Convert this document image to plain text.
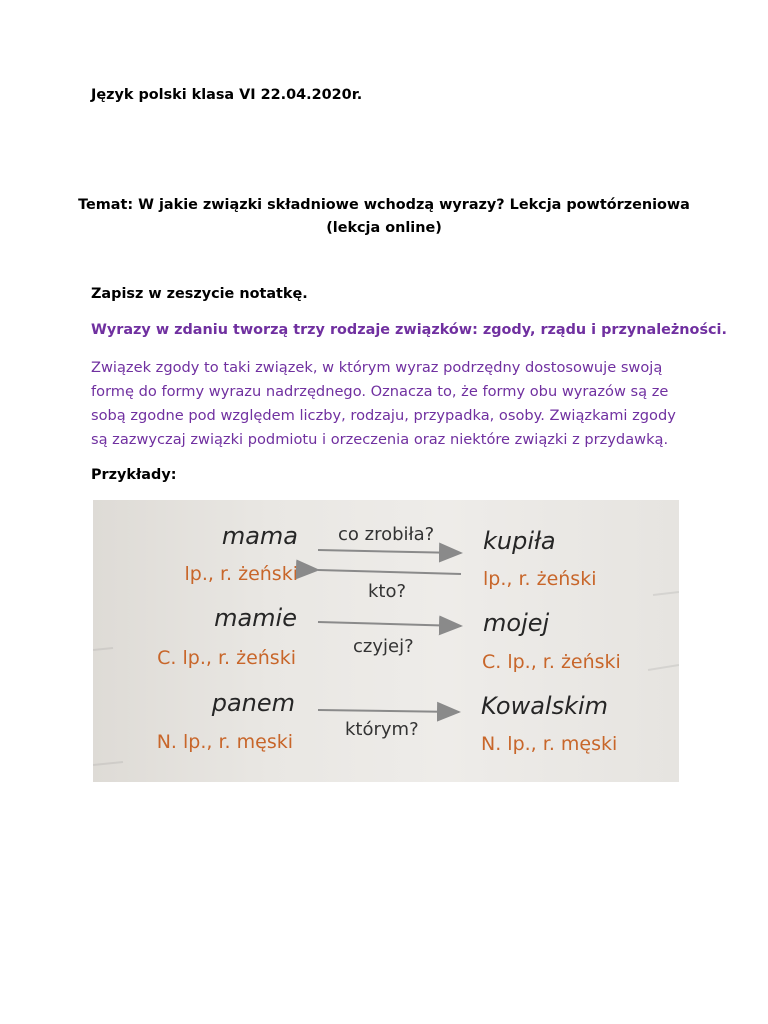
Język polski klasa VI 22.04.2020r.
Temat: W jakie związki składniowe wchodzą wyrazy? Lekcja powtórzeniowa
(lekcja online)
Zapisz w zeszycie notatkę.
Wyrazy w zdaniu tworzą trzy rodzaje związków: zgody, rządu i przynależności.
Związek zgody to taki związek, w którym wyraz podrzędny dostosowuje swoją
formę do formy wyrazu nadrzędnego. Oznacza to, że formy obu wyrazów są ze
sobą zgodne pod względem liczby, rodzaju, przypadka, osoby. Związkami zgody
są zazwyczaj związki podmiotu i orzeczenia oraz niektóre związki z przydawką.
Przykłady:
mama co zrobiła? kupiła
lp., r. żeński
kto?
lp., r. żeński
mamie
czyjej?
mojej
C. lp., r. żeński	C. lp., r. żeński
panem
którym?
Kowalskim
N. lp., r. męski	N. lp., r. męski
